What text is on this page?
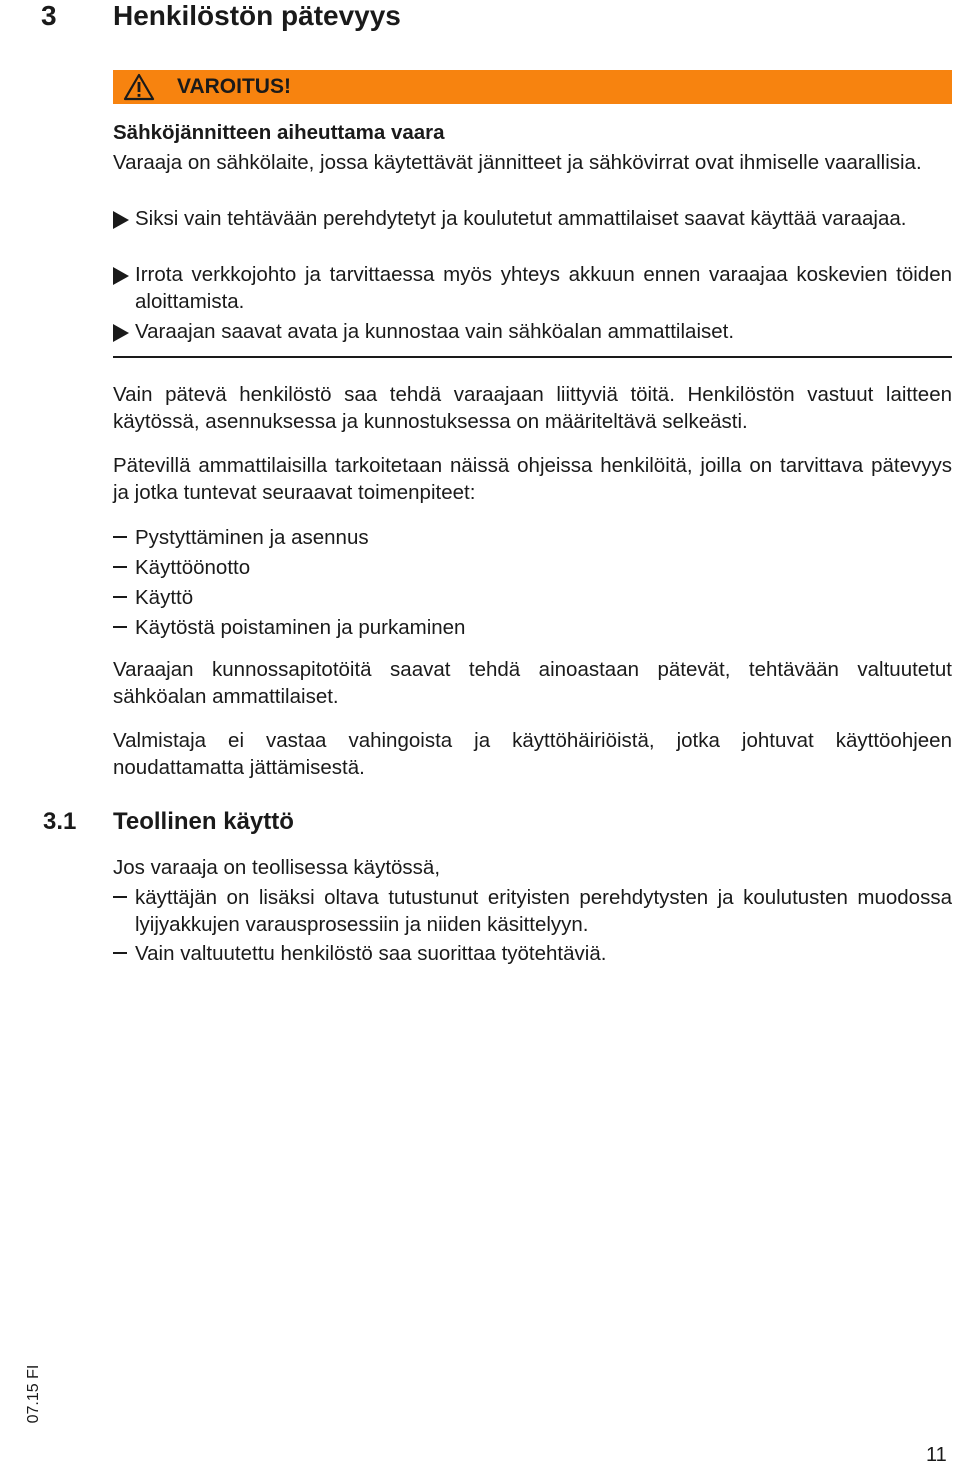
3 Henkilöstön pätevyys
VAROITUS!
Sähköjännitteen aiheuttama vaara
Varaaja on sähkölaite, jossa käytettävät jännitteet ja sähkövirrat ovat ihmiselle vaarallisia.
Siksi vain tehtävään perehdytetyt ja koulutetut ammattilaiset saavat käyttää varaajaa.
Irrota verkkojohto ja tarvittaessa myös yhteys akkuun ennen varaajaa koskevien töiden aloittamista.
Varaajan saavat avata ja kunnostaa vain sähköalan ammattilaiset.
Vain pätevä henkilöstö saa tehdä varaajaan liittyviä töitä. Henkilöstön vastuut laitteen käytössä, asennuksessa ja kunnostuksessa on määriteltävä selkeästi.
Pätevillä ammattilaisilla tarkoitetaan näissä ohjeissa henkilöitä, joilla on tarvittava pätevyys ja jotka tuntevat seuraavat toimenpiteet:
Pystyttäminen ja asennus
Käyttöönotto
Käyttö
Käytöstä poistaminen ja purkaminen
Varaajan kunnossapitotöitä saavat tehdä ainoastaan pätevät, tehtävään valtuutetut sähköalan ammattilaiset.
Valmistaja ei vastaa vahingoista ja käyttöhäiriöistä, jotka johtuvat käyttöohjeen noudattamatta jättämisestä.
3.1 Teollinen käyttö
Jos varaaja on teollisessa käytössä,
käyttäjän on lisäksi oltava tutustunut erityisten perehdytysten ja koulutusten muodossa lyijyakkujen varausprosessiin ja niiden käsittelyyn.
Vain valtuutettu henkilöstö saa suorittaa työtehtäviä.
07.15 FI
11
